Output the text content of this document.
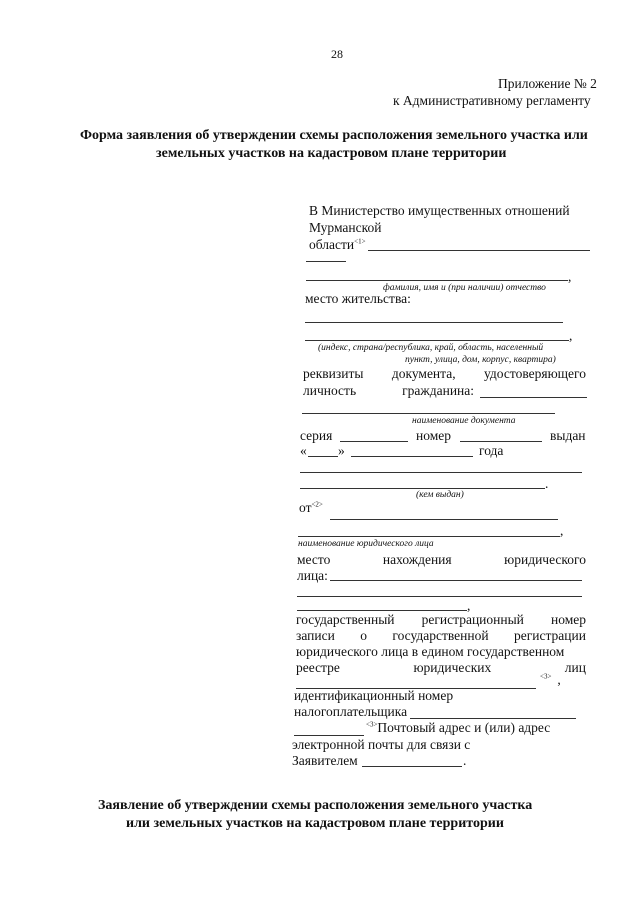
28
Приложение № 2
к Административному регламенту
Форма заявления об утверждении схемы расположения земельного участка или
земельных участков на кадастровом плане территории
В Министерство имущественных отношений
Мурманской
области$^{<1>}$
,
фамилия, имя и (при наличии) отчество
место жительства:
,
(индекс, страна/республика, край, область, населенный
пункт, улица, дом, корпус, квартира)
реквизиты документа, удостоверяющего
личность	гражданина:
наименование документа
серия	номер	выдан
« »	года
.
(кем выдан)
$от^{<2>}$
,
наименование юридического лица
место	нахождения	юридического
лица:
,
государственный регистрационный номер
записи о государственной регистрации
юридического лица в едином государственном
реестре	юридических	лиц
$^{<3>}$ ,
идентификационный номер
налогоплательщика
$^{<3>}$Почтовый адрес и (или) адрес
электронной почты для связи с
Заявителем	.
Заявление об утверждении схемы расположения земельного участка
или земельных участков на кадастровом плане территории
